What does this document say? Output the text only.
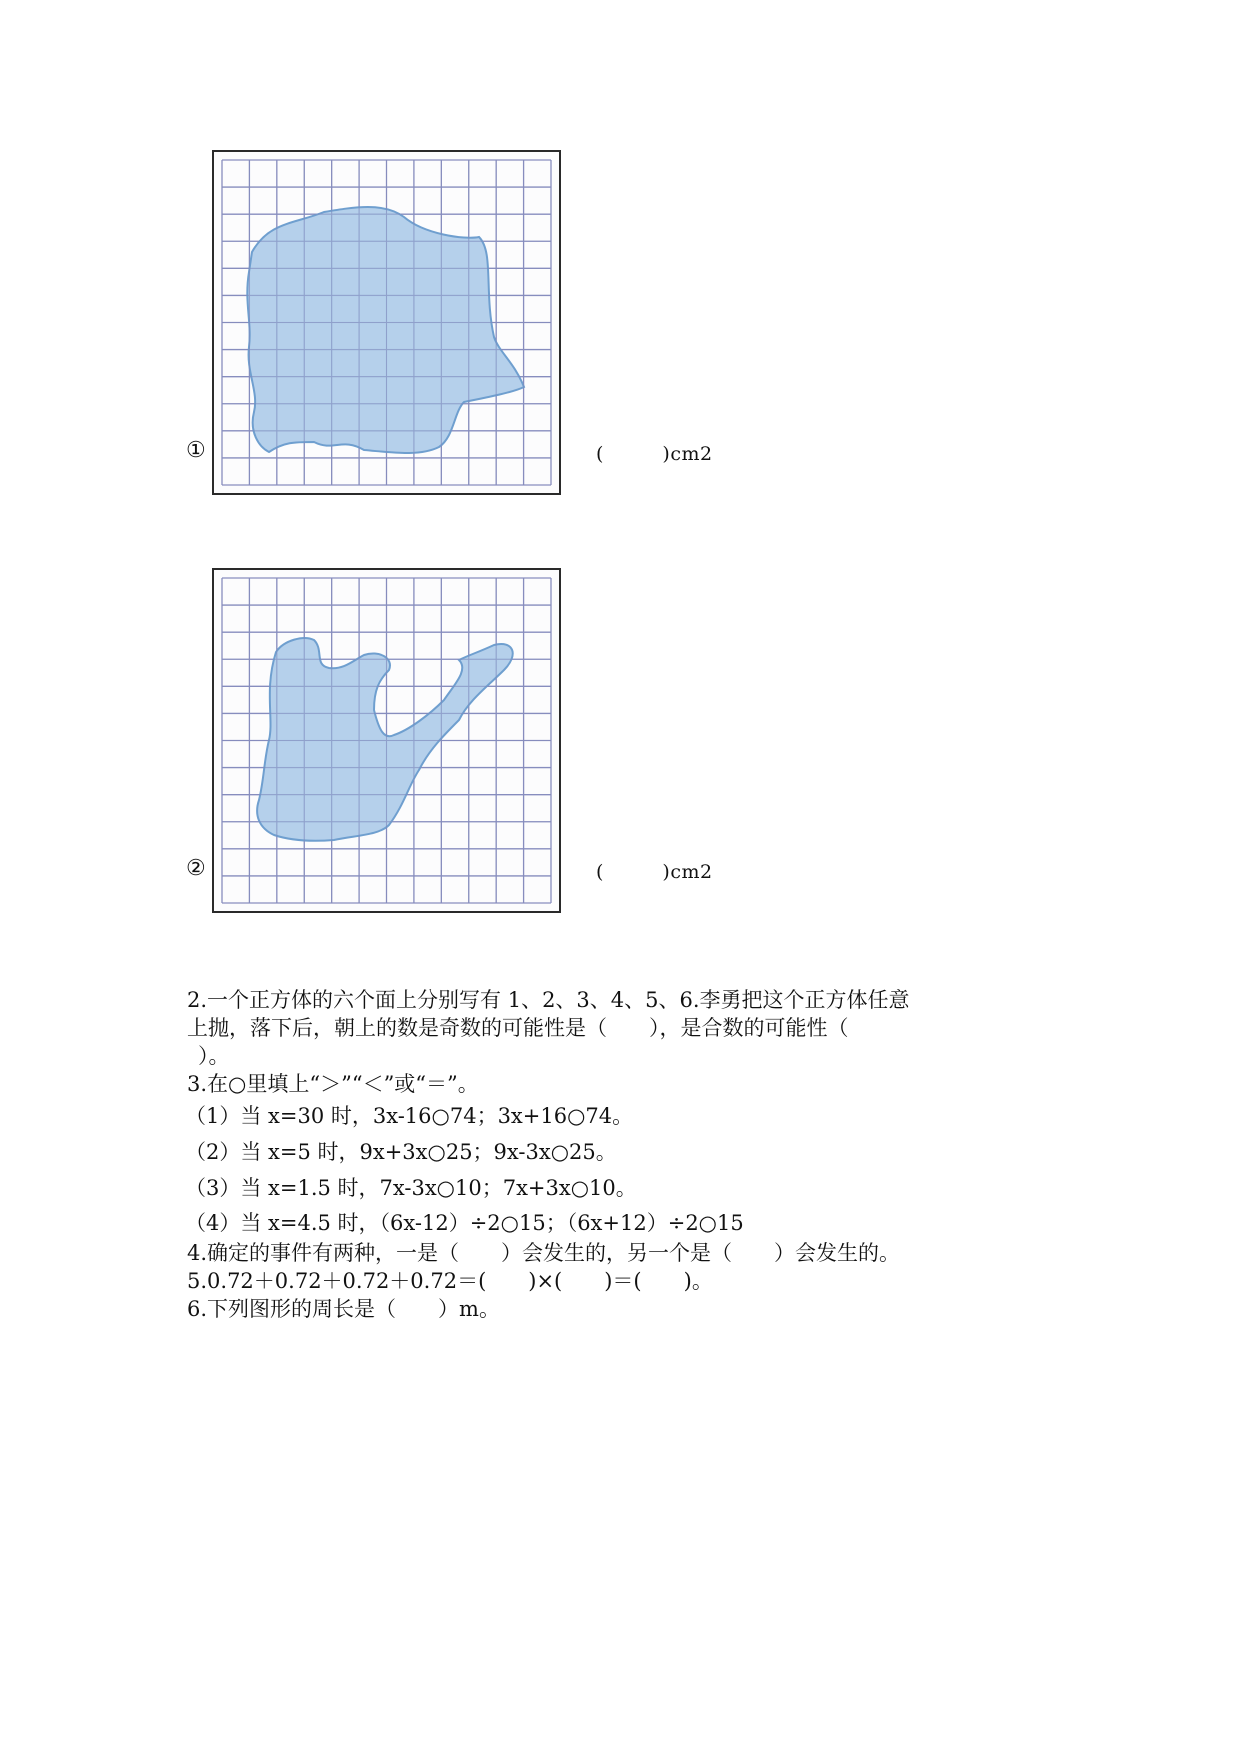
①	(　　　)cm2
②	(　　　)cm2
2.一个正方体的六个面上分别写有 1、2、3、4、5、6.李勇把这个正方体任意
上抛，落下后，朝上的数是奇数的可能性是（　　），是合数的可能性（
）。
3.在○里填上“＞”“＜”或“＝”。
（1）当 x=30 时，3x-16○74；3x+16○74。
（2）当 x=5 时，9x+3x○25；9x-3x○25。
（3）当 x=1.5 时，7x-3x○10；7x+3x○10。
（4）当 x=4.5 时，（6x-12）÷2○15；（6x+12）÷2○15
4.确定的事件有两种，一是（　　）会发生的，另一个是（　　）会发生的。
5.0.72＋0.72＋0.72＋0.72＝(　　)×(　　)＝(　　)。
6.下列图形的周长是（　　）m。
